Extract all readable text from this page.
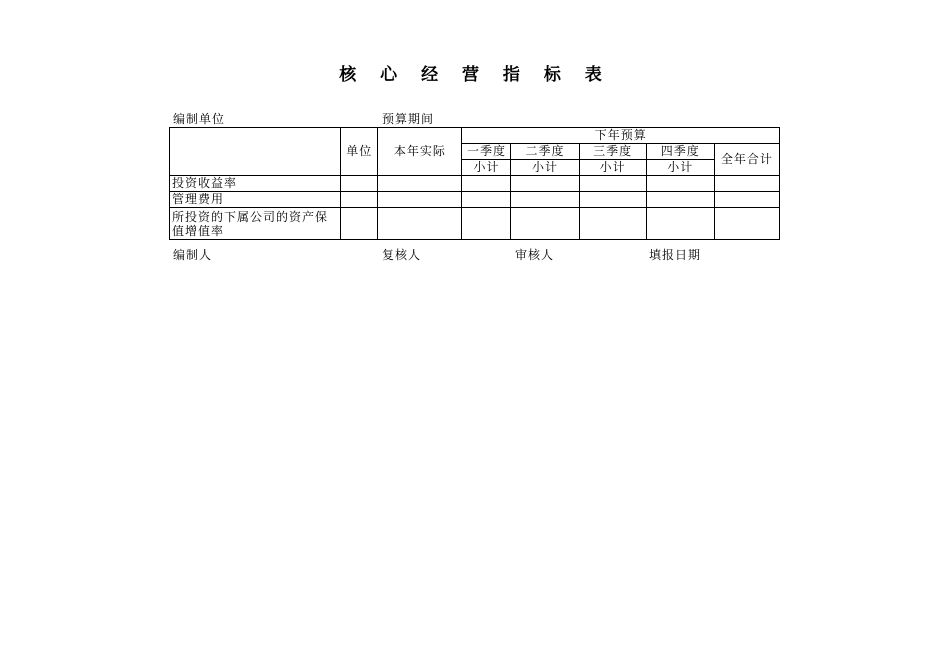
核 心 经 营 指 标 表
编制单位	预算期间
	单位	本年实际	下年预算				
			一季度	二季度	三季度	四季度	全年合计
			小计	小计	小计	小计	
投资收益率							
管理费用							
所投资的下属公司的资产保值增值率							
编制人	复核人	审核人	填报日期
